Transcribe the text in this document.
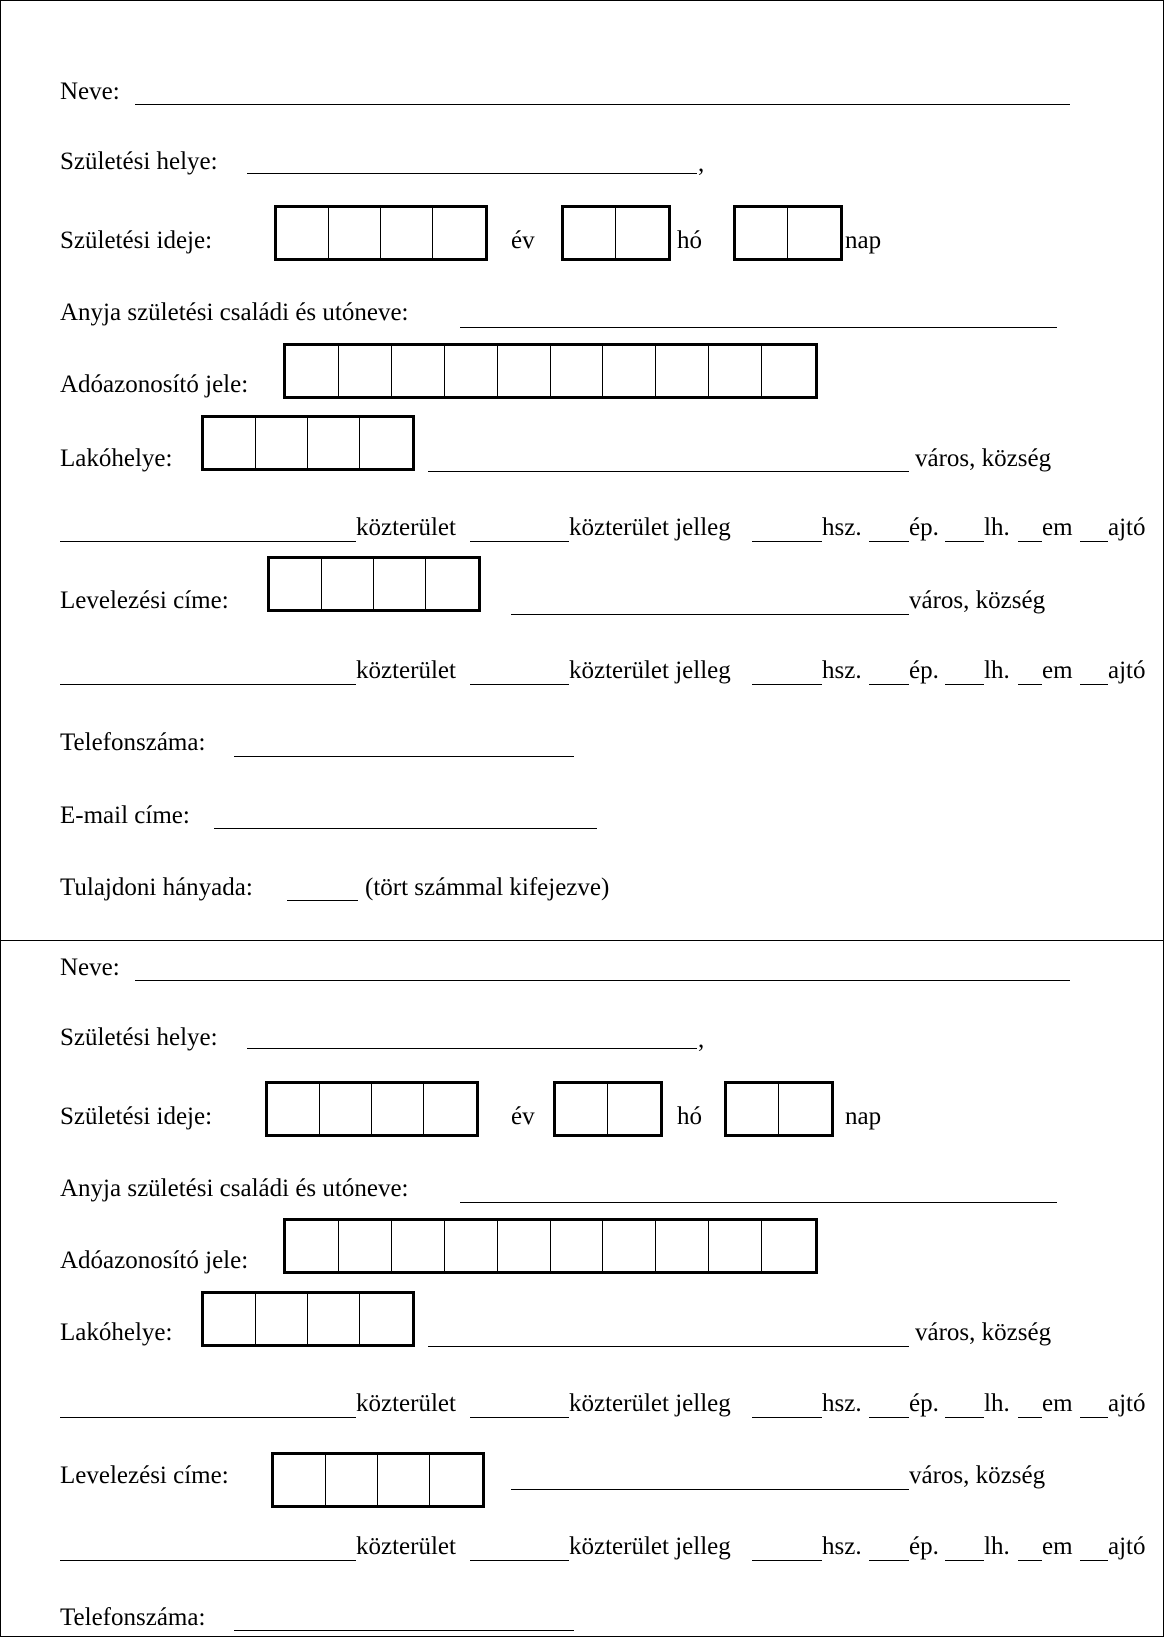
Neve:
Születési helye:	,
Születési ideje:	év	hó	nap
Anyja születési családi és utóneve:
Adóazonosító jele:
Lakóhelye:	város, község
közterület	közterület jelleg	hsz. ép. lh. em ajtó
Levelezési címe:	város, község
közterület	közterület jelleg	hsz. ép. lh. em ajtó
Telefonszáma:
E-mail címe:
Tulajdoni hányada:	(tört számmal kifejezve)
Neve:
Születési helye:	,
Születési ideje:	év	hó	nap
Anyja születési családi és utóneve:
Adóazonosító jele:
Lakóhelye:	város, község
közterület	közterület jelleg	hsz. ép. lh. em ajtó
Levelezési címe:	város, község
közterület	közterület jelleg	hsz. ép. lh. em ajtó
Telefonszáma:
